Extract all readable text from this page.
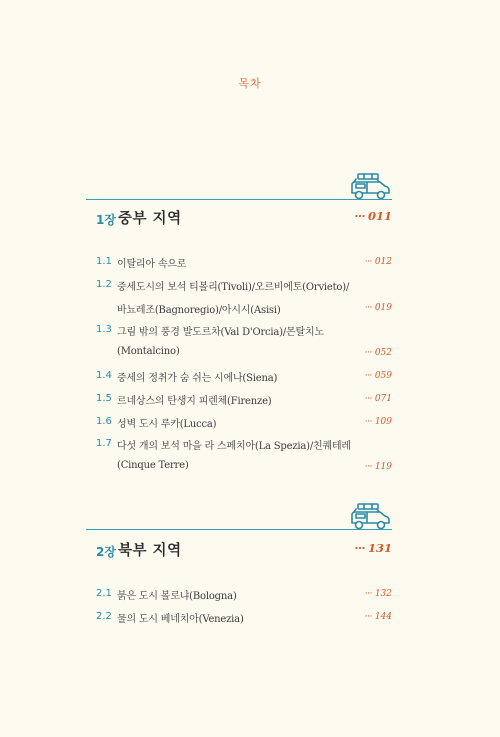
목차
1장 중부 지역	··· 011
1.1 이탈리아 속으로	··· 012
1.2 중세도시의 보석 티볼리(Tivoli)/오르비에토(Orvieto)/
바뇨레조(Bagnoregio)/아시시(Asisi)	··· 019
1.3 그림 밖의 풍경 발도르차(Val D'Orcia)/몬탈치노
(Montalcino)	··· 052
1.4 중세의 정취가 숨 쉬는 시에나(Siena)	··· 059
1.5 르네상스의 탄생지 피렌체(Firenze)	··· 071
1.6 성벽 도시 루카(Lucca)	··· 109
1.7 다섯 개의 보석 마을 라 스페치아(La Spezia)/친퀘테레
(Cinque Terre)	··· 119
2장 북부 지역	··· 131
2.1 붉은 도시 볼로냐(Bologna)	··· 132
2.2 물의 도시 베네치아(Venezia)	··· 144
